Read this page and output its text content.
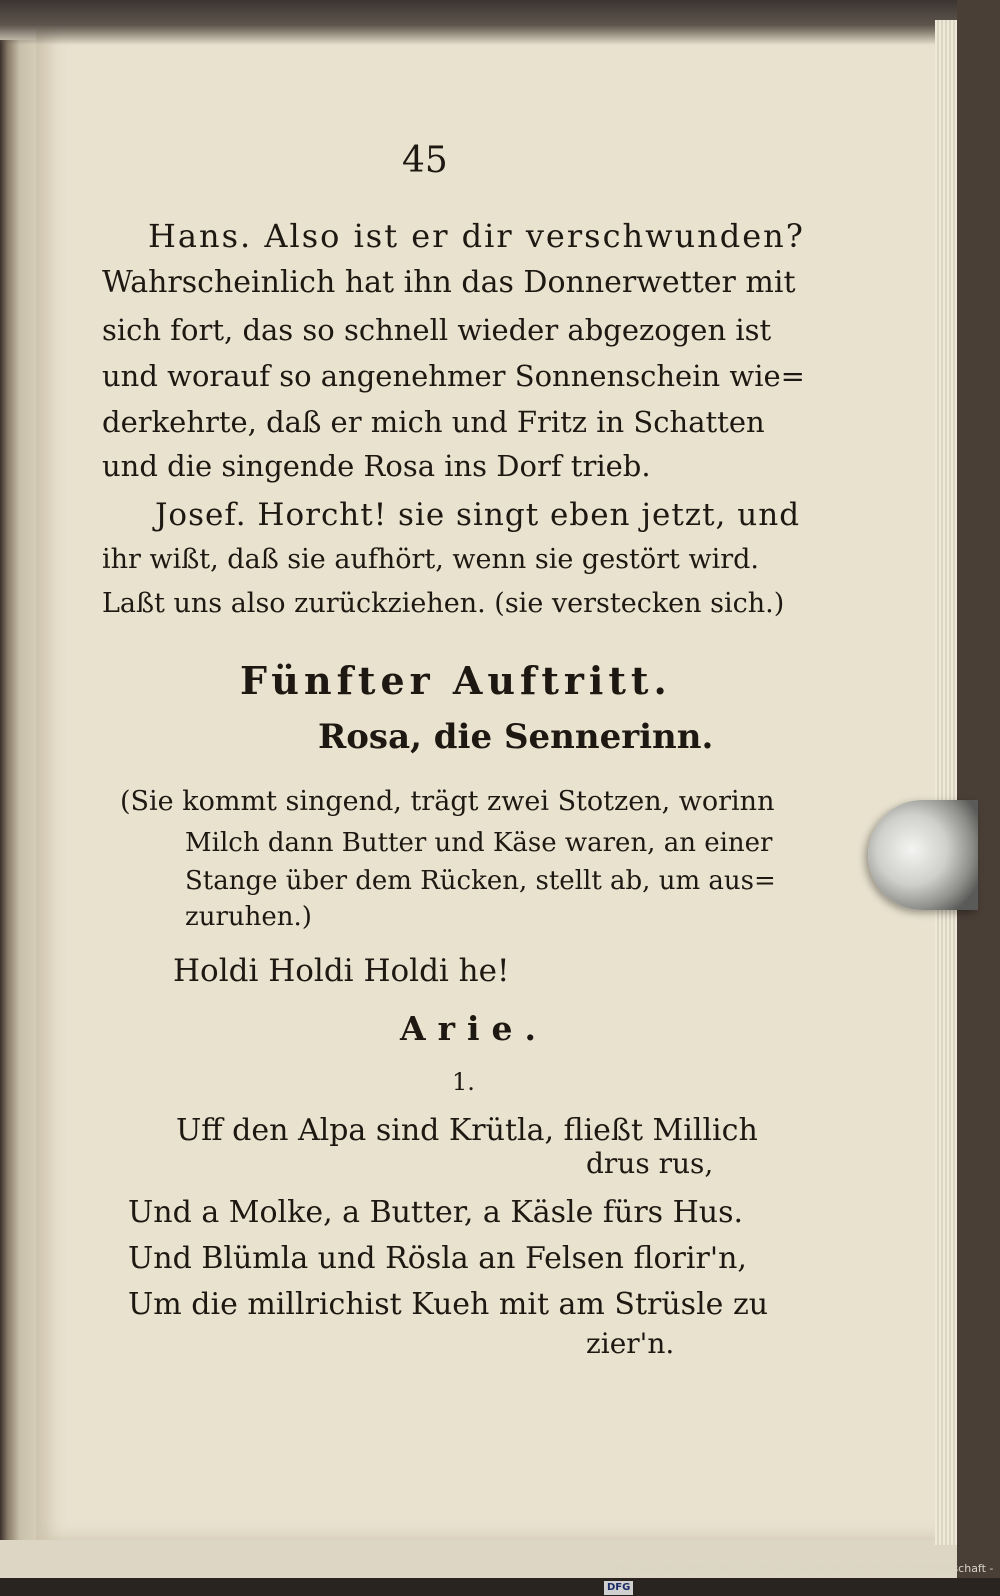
45
Hans. Also ist er dir verschwunden?
Wahrscheinlich hat ihn das Donnerwetter mit
sich fort, das so schnell wieder abgezogen ist
und worauf so angenehmer Sonnenschein wie=
derkehrte, daß er mich und Fritz in Schatten
und die singende Rosa ins Dorf trieb.
Josef. Horcht! sie singt eben jetzt, und
ihr wißt, daß sie aufhört, wenn sie gestört wird.
Laßt uns also zurückziehen. (sie verstecken sich.)
Fünfter Auftritt.
Rosa, die Sennerinn.
(Sie kommt singend, trägt zwei Stotzen, worinn
Milch dann Butter und Käse waren, an einer
Stange über dem Rücken, stellt ab, um aus=
zuruhen.)
Holdi Holdi Holdi he!
Arie.
1.
Uff den Alpa sind Krütla, fließt Millich
drus rus,
Und a Molke, a Butter, a Käsle fürs Hus.
Und Blümla und Röslа an Felsen florir'n,
Um die millrichist Kueh mit am Strüsle zu
zier'n.
Digitalisierung gefördert durch die Deutsche Forschungsgemeinschaft -DFG
